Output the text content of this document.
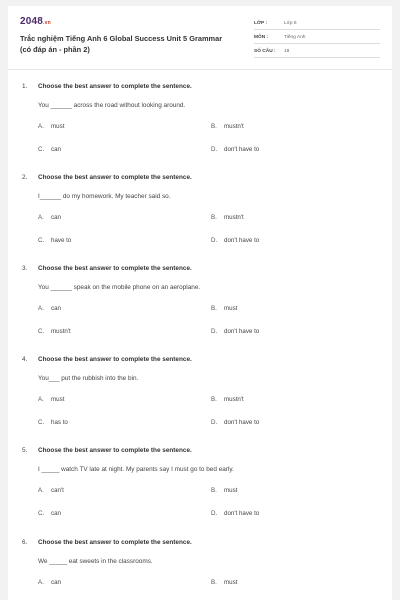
2048.vn
Trắc nghiệm Tiếng Anh 6 Global Success Unit 5 Grammar
(có đáp án - phần 2)
LỚP :	Lớp 6
MÔN :	Tiếng Anh
SỐ CÂU : 18
1. Choose the best answer to complete the sentence.
You ______ across the road without looking around.
A. must	B. mustn't
C. can	D. don't have to
2. Choose the best answer to complete the sentence.
I______ do my homework. My teacher said so.
A. can	B. mustn't
C. have to	D. don't have to
3. Choose the best answer to complete the sentence.
You ______ speak on the mobile phone on an aeroplane.
A. can	B. must
C. mustn't	D. don't have to
4. Choose the best answer to complete the sentence.
You___ put the rubbish into the bin.
A. must	B. mustn't
C. has to	D. don't have to
5. Choose the best answer to complete the sentence.
I _____ watch TV late at night. My parents say I must go to bed early.
A. can't	B. must
C. can	D. don't have to
6. Choose the best answer to complete the sentence.
We _____ eat sweets in the classrooms.
A. can	B. must
